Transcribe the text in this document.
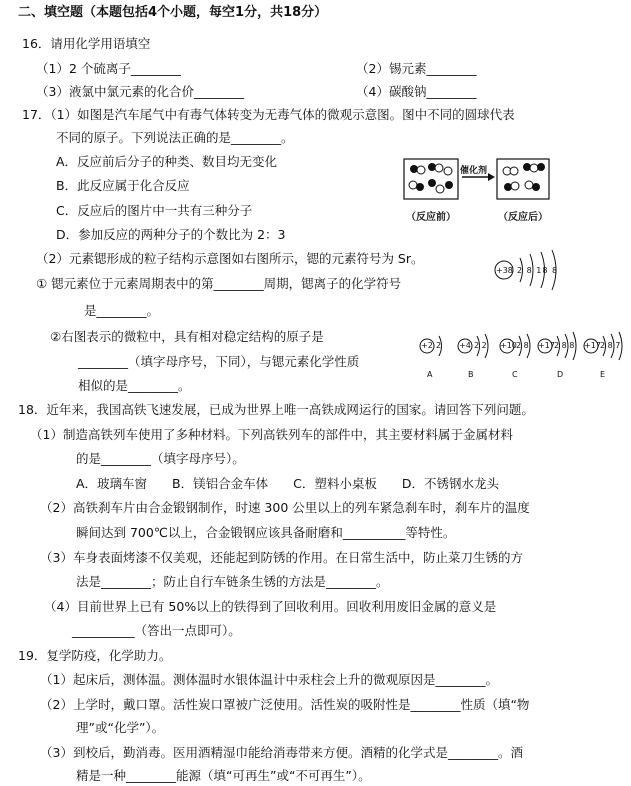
二、填空题（本题包括4个小题，每空1分，共18分）
16．请用化学用语填空
（1）2 个硫离子________	（2）锡元素________
（3）液氯中氯元素的化合价________	（4）碳酸钠________
17．（1）如图是汽车尾气中有毒气体转变为无毒气体的微观示意图。图中不同的圆球代表
不同的原子。下列说法正确的是________。
A．反应前后分子的种类、数目均无变化
B．此反应属于化合反应
C．反应后的图片中一共有三种分子
D．参加反应的两种分子的个数比为 2：3
催化剂
（反应前）	（反应后）
（2）元素锶形成的粒子结构示意图如右图所示，锶的元素符号为 Sr。
① 锶元素位于元素周期表中的第________周期，锶离子的化学符号
是________。
②右图表示的微粒中，具有相对稳定结构的原子是
________（填字母序号，下同），与锶元素化学性质
相似的是________。
+38 2 8 18 8
+2 2
A
+4 2 2
B
+10 2 8
C
+17 2 8 8
D
+17 2 8 7
E
18．近年来，我国高铁飞速发展，已成为世界上唯一高铁成网运行的国家。请回答下列问题。
（1）制造高铁列车使用了多种材料。下列高铁列车的部件中，其主要材料属于金属材料
的是________（填字母序号）。
A．玻璃车窗　　B．镁铝合金车体　　C．塑料小桌板　　D．不锈钢水龙头
（2）高铁刹车片由合金锻钢制作，时速 300 公里以上的列车紧急刹车时，刹车片的温度
瞬间达到 700℃以上，合金锻钢应该具备耐磨和__________等特性。
（3）车身表面烤漆不仅美观，还能起到防锈的作用。在日常生活中，防止菜刀生锈的方
法是________；防止自行车链条生锈的方法是________。
（4）目前世界上已有 50%以上的铁得到了回收利用。回收利用废旧金属的意义是
__________（答出一点即可）。
19．复学防疫，化学助力。
（1）起床后，测体温。测体温时水银体温计中汞柱会上升的微观原因是________。
（2）上学时，戴口罩。活性炭口罩被广泛使用。活性炭的吸附性是________性质（填“物
理”或“化学”）。
（3）到校后，勤消毒。医用酒精湿巾能给消毒带来方便。酒精的化学式是________。酒
精是一种________能源（填“可再生”或“不可再生”）。
